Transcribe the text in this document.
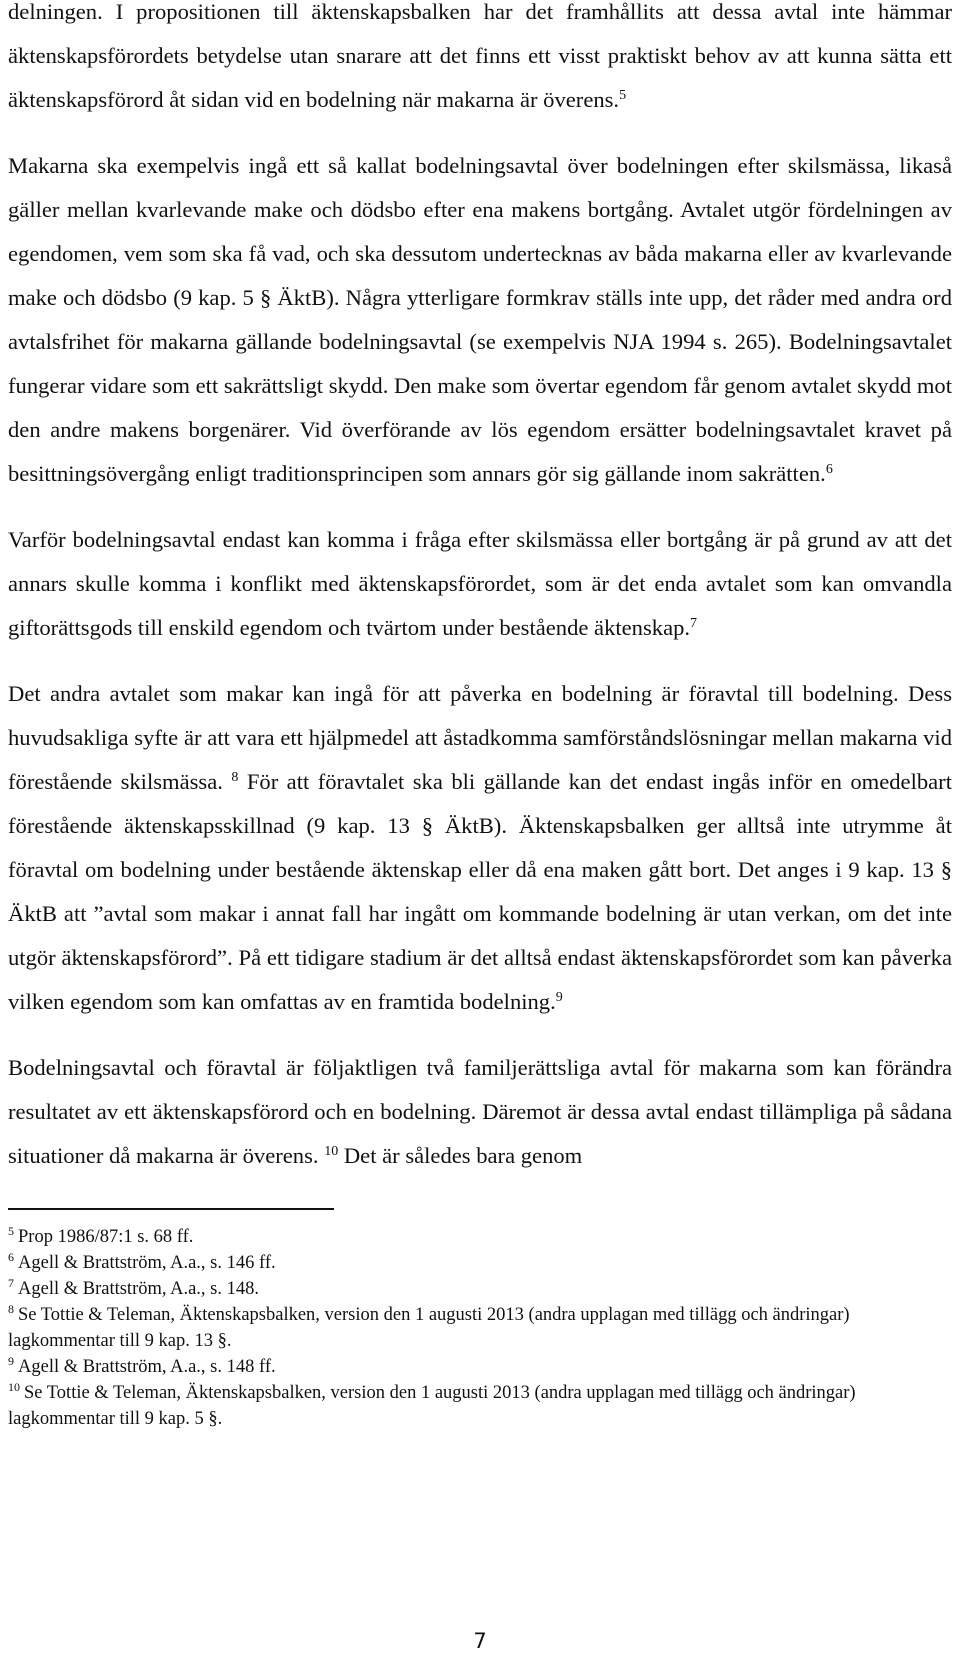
delningen. I propositionen till äktenskapsbalken har det framhållits att dessa avtal inte hämmar äktenskapsförordets betydelse utan snarare att det finns ett visst praktiskt behov av att kunna sätta ett äktenskapsförord åt sidan vid en bodelning när makarna är överens.$^5$

Makarna ska exempelvis ingå ett så kallat bodelningsavtal över bodelningen efter skilsmässa, likaså gäller mellan kvarlevande make och dödsbo efter ena makens bortgång. Avtalet utgör fördelningen av egendomen, vem som ska få vad, och ska dessutom undertecknas av båda makarna eller av kvarlevande make och dödsbo (9 kap. 5 § ÄktB). Några ytterligare formkrav ställs inte upp, det råder med andra ord avtalsfrihet för makarna gällande bodelningsavtal (se exempelvis NJA 1994 s. 265). Bodelningsavtalet fungerar vidare som ett sakrättsligt skydd. Den make som övertar egendom får genom avtalet skydd mot den andre makens borgenärer. Vid överförande av lös egendom ersätter bodelningsavtalet kravet på besittningsövergång enligt traditionsprincipen som annars gör sig gällande inom sakrätten.$^6$

Varför bodelningsavtal endast kan komma i fråga efter skilsmässa eller bortgång är på grund av att det annars skulle komma i konflikt med äktenskapsförordet, som är det enda avtalet som kan omvandla giftorättsgods till enskild egendom och tvärtom under bestående äktenskap.$^7$

Det andra avtalet som makar kan ingå för att påverka en bodelning är föravtal till bodelning. Dess huvudsakliga syfte är att vara ett hjälpmedel att åstadkomma samförståndslösningar mellan makarna vid förestående skilsmässa. $^8$ För att föravtalet ska bli gällande kan det endast ingås inför en omedelbart förestående äktenskapsskillnad (9 kap. 13 § ÄktB). Äktenskapsbalken ger alltså inte utrymme åt föravtal om bodelning under bestående äktenskap eller då ena maken gått bort. Det anges i 9 kap. 13 § ÄktB att ”avtal som makar i annat fall har ingått om kommande bodelning är utan verkan, om det inte utgör äktenskapsförord”. På ett tidigare stadium är det alltså endast äktenskapsförordet som kan påverka vilken egendom som kan omfattas av en framtida bodelning.$^9$

Bodelningsavtal och föravtal är följaktligen två familjerättsliga avtal för makarna som kan förändra resultatet av ett äktenskapsförord och en bodelning. Däremot är dessa avtal endast tillämpliga på sådana situationer då makarna är överens. $^{10}$ Det är således bara genom

$^5$ Prop 1986/87:1 s. 68 ff.

$^6$ Agell & Brattström, A.a., s. 146 ff.

$^7$ Agell & Brattström, A.a., s. 148.

$^8$ Se Tottie & Teleman, Äktenskapsbalken, version den 1 augusti 2013 (andra upplagan med tillägg och ändringar) lagkommentar till 9 kap. 13 §.

$^9$ Agell & Brattström, A.a., s. 148 ff.

$^{10}$ Se Tottie & Teleman, Äktenskapsbalken, version den 1 augusti 2013 (andra upplagan med tillägg och ändringar) lagkommentar till 9 kap. 5 §.

7
